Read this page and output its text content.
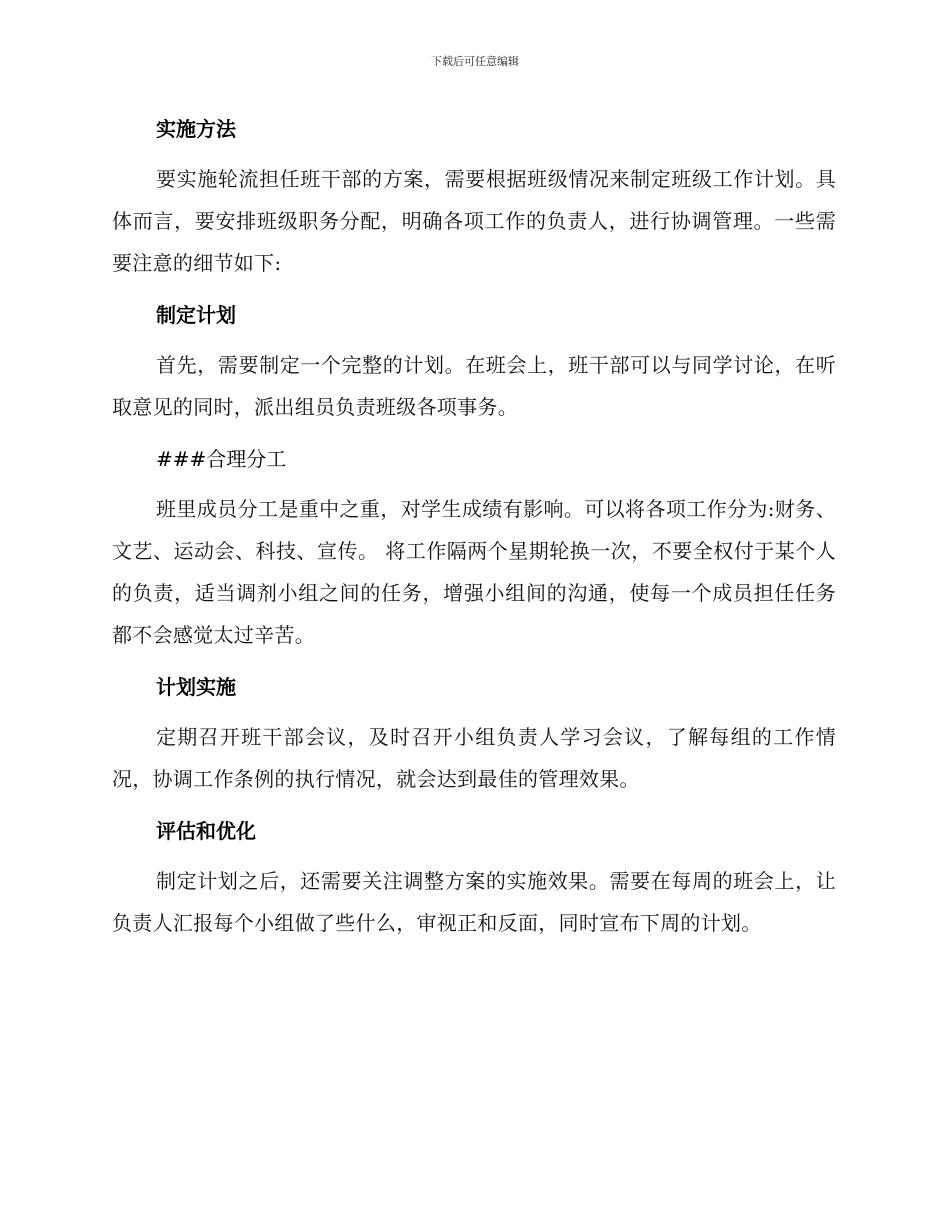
下载后可任意编辑
实施方法

要实施轮流担任班干部的方案，需要根据班级情况来制定班级工作计划。具体而言，要安排班级职务分配，明确各项工作的负责人，进行协调管理。一些需要注意的细节如下:

制定计划

首先，需要制定一个完整的计划。在班会上，班干部可以与同学讨论，在听取意见的同时，派出组员负责班级各项事务。

###合理分工

班里成员分工是重中之重，对学生成绩有影响。可以将各项工作分为:财务、文艺、运动会、科技、宣传。 将工作隔两个星期轮换一次，不要全权付于某个人的负责，适当调剂小组之间的任务，增强小组间的沟通，使每一个成员担任任务都不会感觉太过辛苦。

计划实施

定期召开班干部会议，及时召开小组负责人学习会议，了解每组的工作情况，协调工作条例的执行情况，就会达到最佳的管理效果。

评估和优化

制定计划之后，还需要关注调整方案的实施效果。需要在每周的班会上，让负责人汇报每个小组做了些什么，审视正和反面，同时宣布下周的计划。
